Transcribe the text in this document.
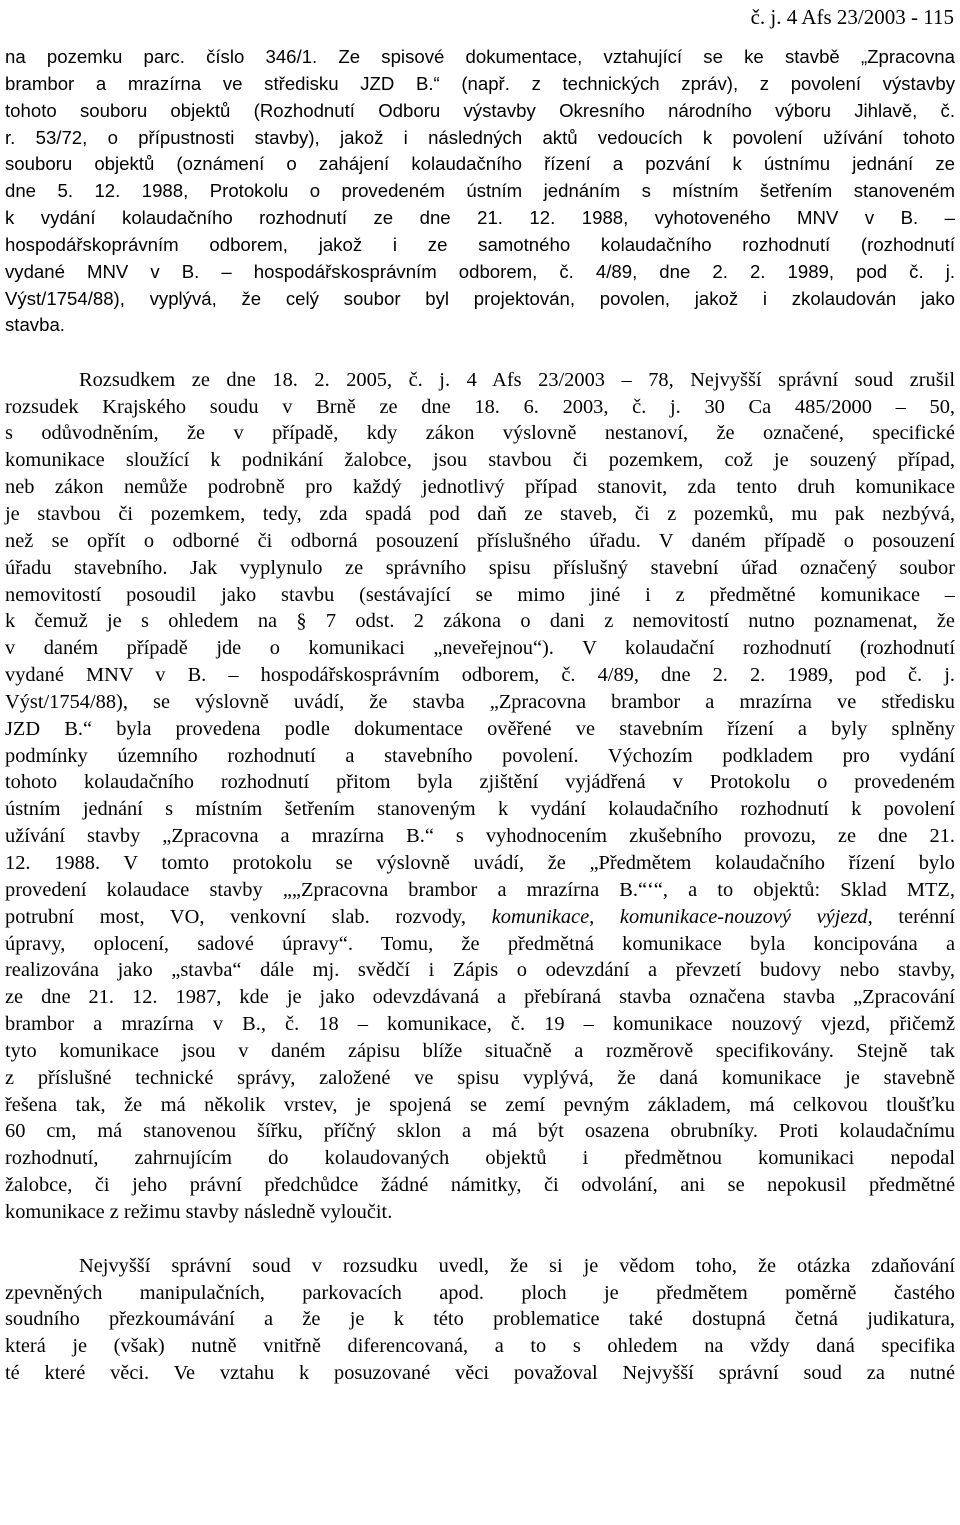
č. j. 4 Afs 23/2003 - 115
na pozemku parc. číslo 346/1. Ze spisové dokumentace, vztahující se ke stavbě „Zpracovna
brambor a mrazírna ve středisku JZD B.“ (např. z technických zpráv), z povolení výstavby
tohoto souboru objektů (Rozhodnutí Odboru výstavby Okresního národního výboru Jihlavě, č.
r. 53/72, o přípustnosti stavby), jakož i následných aktů vedoucích k povolení užívání tohoto
souboru objektů (oznámení o zahájení kolaudačního řízení a pozvání k ústnímu jednání ze
dne 5. 12. 1988, Protokolu o provedeném ústním jednáním s místním šetřením stanoveném
k vydání kolaudačního rozhodnutí ze dne 21. 12. 1988, vyhotoveného MNV v B. –
hospodářskoprávním odborem, jakož i ze samotného kolaudačního rozhodnutí (rozhodnutí
vydané MNV v B. – hospodářskosprávním odborem, č. 4/89, dne 2. 2. 1989, pod č. j.
Výst/1754/88), vyplývá, že celý soubor byl projektován, povolen, jakož i zkolaudován jako
stavba.
Rozsudkem ze dne 18. 2. 2005, č. j. 4 Afs 23/2003 – 78, Nejvyšší správní soud zrušil
rozsudek Krajského soudu v Brně ze dne 18. 6. 2003, č. j. 30 Ca 485/2000 – 50,
s odůvodněním, že v případě, kdy zákon výslovně nestanoví, že označené, specifické
komunikace sloužící k podnikání žalobce, jsou stavbou či pozemkem, což je souzený případ,
neb zákon nemůže podrobně pro každý jednotlivý případ stanovit, zda tento druh komunikace
je stavbou či pozemkem, tedy, zda spadá pod daň ze staveb, či z pozemků, mu pak nezbývá,
než se opřít o odborné či odborná posouzení příslušného úřadu. V daném případě o posouzení
úřadu stavebního. Jak vyplynulo ze správního spisu příslušný stavební úřad označený soubor
nemovitostí posoudil jako stavbu (sestávající se mimo jiné i z předmětné komunikace –
k čemuž je s ohledem na § 7 odst. 2 zákona o dani z nemovitostí nutno poznamenat, že
v daném případě jde o komunikaci „neveřejnou“). V kolaudační rozhodnutí (rozhodnutí
vydané MNV v B. – hospodářskosprávním odborem, č. 4/89, dne 2. 2. 1989, pod č. j.
Výst/1754/88), se výslovně uvádí, že stavba „Zpracovna brambor a mrazírna ve středisku
JZD B.“ byla provedena podle dokumentace ověřené ve stavebním řízení a byly splněny
podmínky územního rozhodnutí a stavebního povolení. Výchozím podkladem pro vydání
tohoto kolaudačního rozhodnutí přitom byla zjištění vyjádřená v Protokolu o provedeném
ústním jednání s místním šetřením stanoveným k vydání kolaudačního rozhodnutí k povolení
užívání stavby „Zpracovna a mrazírna B.“ s vyhodnocením zkušebního provozu, ze dne 21.
12. 1988. V tomto protokolu se výslovně uvádí, že „Předmětem kolaudačního řízení bylo
provedení kolaudace stavby „„Zpracovna brambor a mrazírna B.“‘“, a to objektů: Sklad MTZ,
potrubní most, VO, venkovní slab. rozvody, komunikace, komunikace-nouzový výjezd, terénní
úpravy, oplocení, sadové úpravy“. Tomu, že předmětná komunikace byla koncipována a
realizována jako „stavba“ dále mj. svědčí i Zápis o odevzdání a převzetí budovy nebo stavby,
ze dne 21. 12. 1987, kde je jako odevzdávaná a přebíraná stavba označena stavba „Zpracování
brambor a mrazírna v B., č. 18 – komunikace, č. 19 – komunikace nouzový vjezd, přičemž
tyto komunikace jsou v daném zápisu blíže situačně a rozměrově specifikovány. Stejně tak
z příslušné technické správy, založené ve spisu vyplývá, že daná komunikace je stavebně
řešena tak, že má několik vrstev, je spojená se zemí pevným základem, má celkovou tloušťku
60 cm, má stanovenou šířku, příčný sklon a má být osazena obrubníky. Proti kolaudačnímu
rozhodnutí, zahrnujícím do kolaudovaných objektů i předmětnou komunikaci nepodal
žalobce, či jeho právní předchůdce žádné námitky, či odvolání, ani se nepokusil předmětné
komunikace z režimu stavby následně vyloučit.
Nejvyšší správní soud v rozsudku uvedl, že si je vědom toho, že otázka zdaňování
zpevněných manipulačních, parkovacích apod. ploch je předmětem poměrně častého
soudního přezkoumávání a že je k této problematice také dostupná četná judikatura,
která je (však) nutně vnitřně diferencovaná, a to s ohledem na vždy daná specifika
té které věci. Ve vztahu k posuzované věci považoval Nejvyšší správní soud za nutné
